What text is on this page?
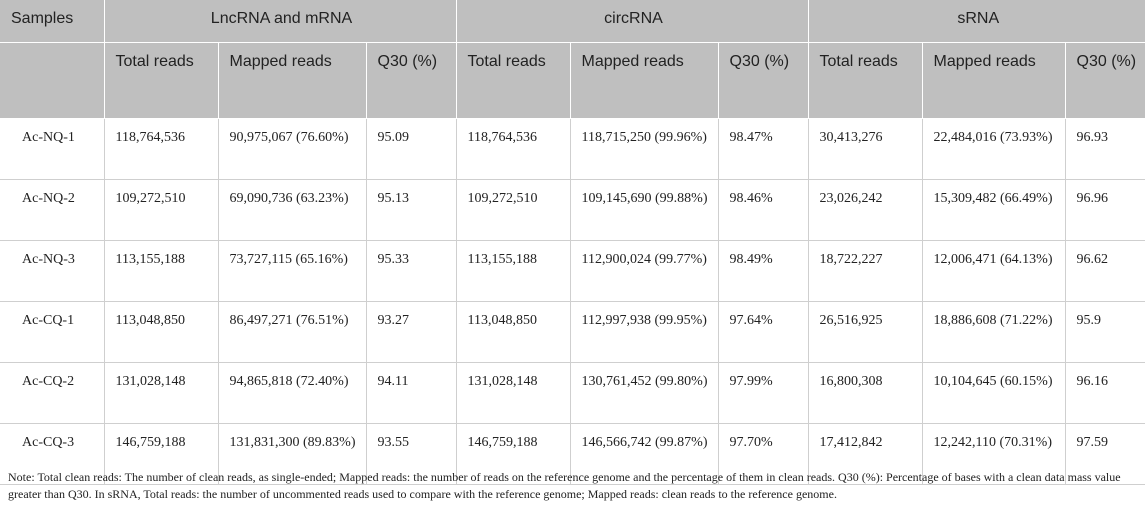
Samples	LncRNA and mRNA			circRNA			sRNA		
	Total reads	Mapped reads	Q30 (%)	Total reads	Mapped reads	Q30 (%)	Total reads	Mapped reads	Q30 (%)
Ac-NQ-1	118,764,536	90,975,067 (76.60%)	95.09	118,764,536	118,715,250 (99.96%)	98.47%	30,413,276	22,484,016 (73.93%)	96.93
Ac-NQ-2	109,272,510	69,090,736 (63.23%)	95.13	109,272,510	109,145,690 (99.88%)	98.46%	23,026,242	15,309,482 (66.49%)	96.96
Ac-NQ-3	113,155,188	73,727,115 (65.16%)	95.33	113,155,188	112,900,024 (99.77%)	98.49%	18,722,227	12,006,471 (64.13%)	96.62
Ac-CQ-1	113,048,850	86,497,271 (76.51%)	93.27	113,048,850	112,997,938 (99.95%)	97.64%	26,516,925	18,886,608 (71.22%)	95.9
Ac-CQ-2	131,028,148	94,865,818 (72.40%)	94.11	131,028,148	130,761,452 (99.80%)	97.99%	16,800,308	10,104,645 (60.15%)	96.16
Ac-CQ-3	146,759,188	131,831,300 (89.83%)	93.55	146,759,188	146,566,742 (99.87%)	97.70%	17,412,842	12,242,110 (70.31%)	97.59
Note: Total clean reads: The number of clean reads, as single-ended; Mapped reads: the number of reads on the reference genome and the percentage of them in clean reads. Q30 (%): Percentage of bases with a clean data mass value greater than Q30. In sRNA, Total reads: the number of uncommented reads used to compare with the reference genome; Mapped reads: clean reads to the reference genome.
